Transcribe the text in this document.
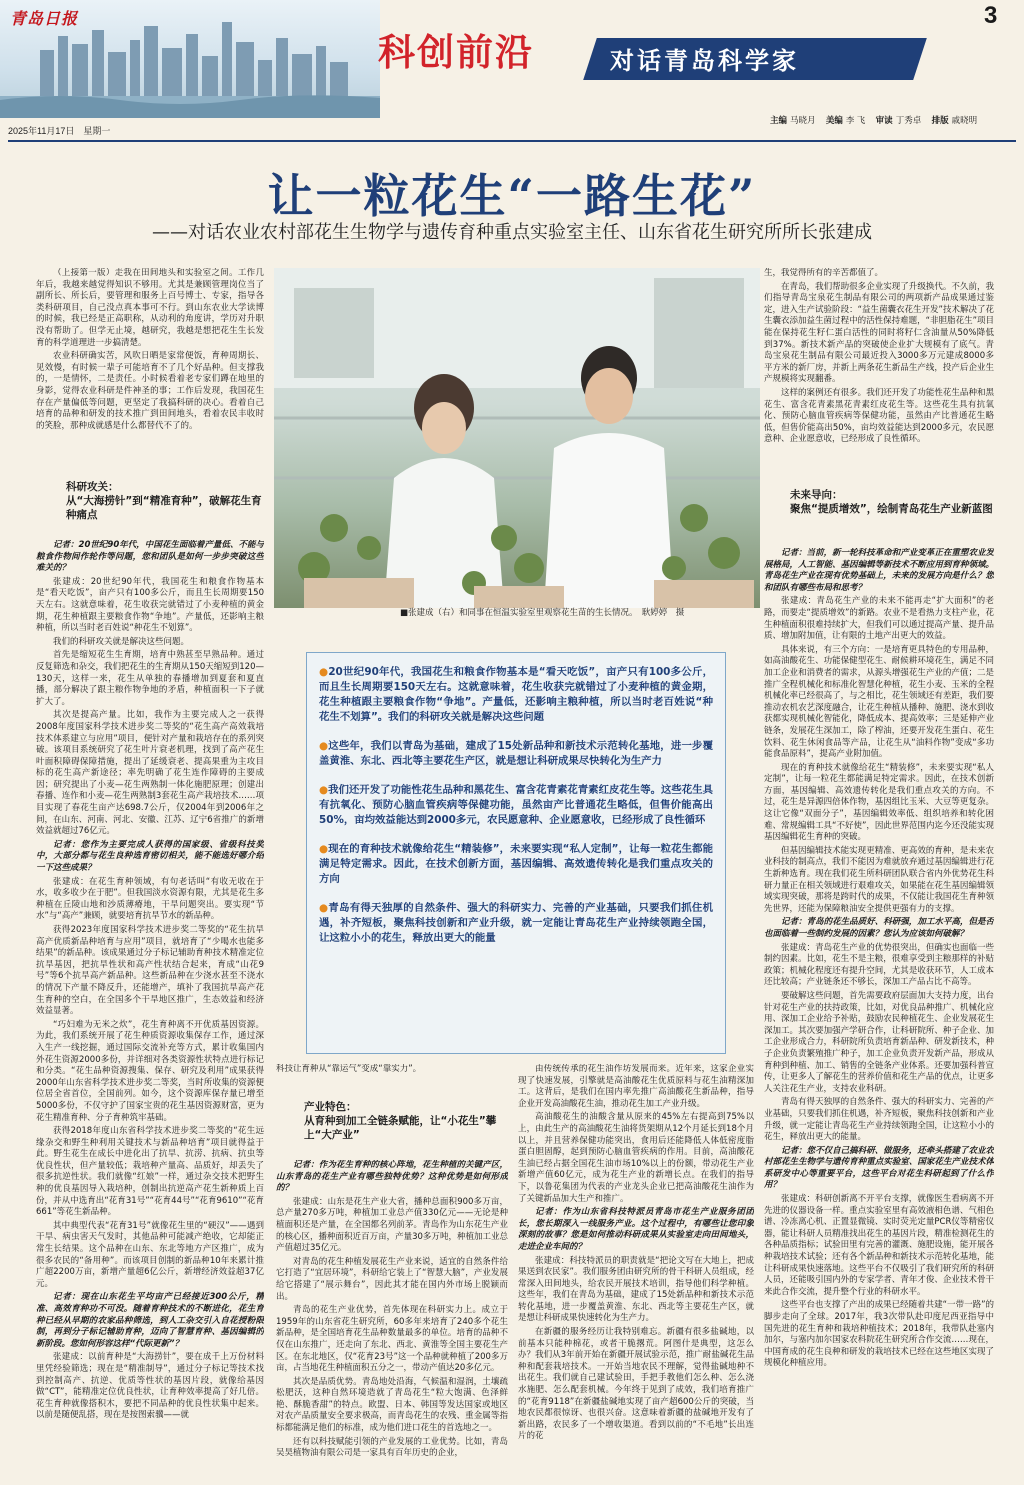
青岛日报
2025年11月17日　星期一
科创前沿	对话青岛科学家
3
主编 马晓月 美编 李 飞 审读 丁秀卓 排版 戚晓明
让一粒花生“一路生花”
——对话农业农村部花生生物学与遗传育种重点实验室主任、山东省花生研究所所长张建成

（上接第一版）走我在田间地头和实验室之间。工作几年后，我越来越觉得知识不够用。尤其是兼顾管理岗位当了副所长、所长后，要管理和服务上百号博士、专家，指导各类科研项目，自己没点真本事可不行。到山东农业大学读博的时候，我已经是正高职称，从动利的角度讲，学历对升职没有帮助了。但学无止境，越研究，我越是想把花生生长发育的科学道理进一步搞清楚。

农业科研确实苦，风吹日晒是家常便饭，育种周期长、见效慢，有时候一辈子可能培育不了几个好品种。但支撑我的，一是情怀，二是责任。小时候看着老专家们蹲在地里的身影，觉得农业科研是件神圣的事；工作后发现，我国花生存在产量偏低等问题，更坚定了我搞科研的决心。看着自己培育的品种和研发的技术推广到田间地头，看着农民丰收时的笑脸，那种成就感是什么都替代不了的。

科研攻关：
从“大海捞针”到“精准育种”，破解花生育种痛点

记者：20世纪90年代，中国花生面临着产量低、不能与粮食作物间作轮作等问题，您和团队是如何一步步突破这些难关的？

张建成：20世纪90年代，我国花生和粮食作物基本是“看天吃饭”，亩产只有100多公斤，而且生长周期要150天左右。这就意味着，花生收获完就错过了小麦种植的黄金期，花生种植跟主要粮食作物“争地”。产量低，还影响主粮种植，所以当时老百姓说“种花生不划算”。

我们的科研攻关就是解决这些问题。

首先是缩短花生生育期，培育中熟甚至早熟品种。通过反复筛选和杂交，我们把花生的生育期从150天缩短到120—130天，这样一来，花生从单独的春播增加到夏套和夏直播，部分解决了跟主粮作物争地的矛盾，种植面积一下子就扩大了。

其次是提高产量。比如，我作为主要完成人之一获得2008年度国家科学技术进步奖二等奖的“花生高产高效栽培技术体系建立与应用”项目，便针对产量和栽培存在的系列突破。该项目系统研究了花生叶片衰老机理，找到了高产花生叶面积障碍保障措施，提出了延缓衰老、提高果重为主攻目标的花生高产新途径；率先明确了花生连作障碍的主要成因；研究提出了小麦—花生两熟制一体化施肥原理；创建出春播、连作和小麦—花生两熟制3套花生高产栽培技术……项目实现了春花生亩产达698.7公斤，仅2004年到2006年之间，在山东、河南、河北、安徽、江苏、辽宁6省推广的新增效益就超过76亿元。

记者：您作为主要完成人获得的国家级、省级科技奖中，大部分都与花生良种选育密切相关，能不能选好哪介绍一下这些成果？

张建成：在花生育种领域，有句老话叫“有收无收在于水，收多收少在于肥”。但我国淡水资源有限，尤其是花生多种植在丘陵山地和沙质薄瘠地，干旱问题突出。要实现“节水”与“高产”兼顾，就要培育抗旱节水的新品种。

获得2023年度国家科学技术进步奖二等奖的“花生抗旱高产优质新品种培育与应用”项目，就培育了“少喝水也能多结果”的新品种。该成果通过分子标记辅助育种技术精准定位抗旱基因，把抗旱性状和高产性状结合起来，育成“山花9号”等6个抗旱高产新品种。这些新品种在少浇水甚至不浇水的情况下产量不降反升，还能增产，填补了我国抗旱高产花生育种的空白，在全国多个干旱地区推广，生态效益和经济效益显著。

“巧妇难为无米之炊”，花生育种离不开优质基因资源。为此，我们系统开展了花生种质资源收集保存工作，通过深入生产一线挖掘，通过国际交流补充等方式，累计收集国内外花生资源2000多份，并详细对各类资源性状特点进行标记和分类。“花生品种资源搜集、保存、研究及利用”成果获得2000年山东省科学技术进步奖二等奖，当时所收集的资源便位居全省首位，全国前列。如今，这个资源库保存量已增至5000多份，不仅守护了国家宝贵的花生基因资源财富，更为花生精准育种、分子育种筑牢基础。

获得2018年度山东省科学技术进步奖二等奖的“花生远缘杂交和野生种利用关键技术与新品种培育”项目就得益于此。野生花生在成长中进化出了抗旱、抗涝、抗病、抗虫等优良性状，但产量较低；栽培种产量高、品质好，却丢失了很多抗逆性状。我们就像“红娘”一样，通过杂交技术把野生种的优良基因导入栽培种，创制出抗逆高产花生新种质上百份，并从中选育出“花育31号”“花育44号”“花育9610”“花育661”等花生新品种。

其中典型代表“花育31号”就像花生里的“硬汉”——遇到干旱、病虫害天气发时，其他品种可能减产绝收，它却能正常生长结果。这个品种在山东、东北等地方产区推广，成为很多农民的“备用种”。而该项目创制的新品种10年来累计推广超2200万亩，新增产量超6亿公斤，新增经济效益超37亿元。

记者：现在山东花生平均亩产已经接近300公斤，精准、高效育种功不可没。随着育种技术的不断进化，花生育种已经从早期的农家品种筛选，到人工杂交引入自花授粉限制，再到分子标记辅助育种，迈向了智慧育种、基因编辑的新阶段。您如何形容这样“代际更新”？

张建成：以前育种是“大海捞针”，要在成千上万份材料里凭经验筛选；现在是“精准制导”，通过分子标记等技术找到控制高产、抗逆、优质等性状的基因片段，就像给基因做“CT”，能精准定位优良性状，让育种效率提高了好几倍。花生育种就像搭积木，要把不同品种的优良性状集中起来。以前是随便乱搭，现在是按图索骥——就

■张建成（右）和同事在恒温实验室里观察花生苗的生长情况。　耿婷婷　摄

●20世纪90年代，我国花生和粮食作物基本是“看天吃饭”，亩产只有100多公斤，而且生长周期要150天左右。这就意味着，花生收获完就错过了小麦种植的黄金期，花生种植跟主要粮食作物“争地”。产量低，还影响主粮种植，所以当时老百姓说“种花生不划算”。我们的科研攻关就是解决这些问题

●这些年，我们以青岛为基础，建成了15处新品种和新技术示范转化基地，进一步覆盖黄淮、东北、西北等主要花生产区，就是想让科研成果尽快转化为生产力

●我们还开发了功能性花生品种和黑花生、富含花青素花青素红皮花生等。这些花生具有抗氧化、预防心脑血管疾病等保健功能，虽然亩产比普通花生略低，但售价能高出50%，亩均效益能达到2000多元，农民愿意种、企业愿意收，已经形成了良性循环

●现在的育种技术就像给花生“精装修”，未来要实现“私人定制”，让每一粒花生都能满足特定需求。因此，在技术创新方面，基因编辑、高效遗传转化是我们重点攻关的方向

●青岛有得天独厚的自然条件、强大的科研实力、完善的产业基础，只要我们抓住机遇，补齐短板，聚焦科技创新和产业升级，就一定能让青岛花生产业持续领跑全国，让这粒小小的花生，释放出更大的能量

科技让育种从“靠运气”变成“靠实力”。

产业特色：
从育种到加工全链条赋能，让“小花生”攀上“大产业”

记者：作为花生育种的核心阵地，花生种植的关键产区，山东青岛的花生产业有哪些独特优势？这种优势是如何形成的？

张建成：山东是花生产业大省，播种总面积900多万亩，总产量270多万吨，种植加工业总产值330亿元——无论是种植面积还是产量，在全国都名列前茅。青岛作为山东花生产业的核心区，播种面积近百万亩，产量30多万吨，种植加工业总产值超过35亿元。

对青岛的花生种植发展花生产业来说，适宜的自然条件给它打造了“宜居环境”，科研给它装上了“智慧大脑”，产业发展给它搭建了“展示舞台”，因此其才能在国内外市场上脱颖而出。

青岛的花生产业优势，首先体现在科研实力上。成立于1959年的山东省花生研究所，60多年来培育了240多个花生新品种，是全国培育花生品种数量最多的单位。培育的品种不仅在山东推广，还走向了东北、西北、黄淮等全国主要花生产区。在东北地区，仅“花育23号”这一个品种就种植了200多万亩，占当地花生种植面积五分之一，带动产值达20多亿元。

其次是品质优势。青岛地处沿海，气候温和湿润，土壤疏松肥沃，这种自然环境造就了青岛花生“粒大饱满、色泽鲜艳、酥脆香甜”的特点。欧盟、日本、韩国等发达国家或地区对农产品质量安全要求极高，而青岛花生的农残、重金属等指标都能满足他们的标准，成为他们进口花生的首选地之一。

还有以科技赋能引领的产业发展的工业优势。比如，青岛吴昊植物油有限公司是一家具有百年历史的企业，

由传统传承的花生油作坊发展而来。近年来，这家企业实现了快速发展，引擎就是高油酸花生优质原料与花生油精深加工。这背后，是我们在国内率先推广高油酸花生新品种，指导企业开发高油酸花生油，推动花生加工产业升级。

高油酸花生的油酸含量从原来的45%左右提高到75%以上，由此生产的高油酸花生油将货架期从12个月延长到18个月以上，并且营养保健功能突出，食用后还能降低人体低密度脂蛋白胆固醇，起到预防心脑血管疾病的作用。目前，高油酸花生油已经占据全国花生油市场10%以上的份额，带动花生产业新增产值60亿元，成为花生产业的新增长点。在我们的指导下，以鲁花集团为代表的产业龙头企业已把高油酸花生油作为了关键新品加大生产和推广。

记者：作为山东省科技特派员青岛市花生产业服务团团长，您长期深入一线服务产业。这个过程中，有哪些让您印象深刻的故事？您是如何推动科研成果从实验室走向田间地头，走进企业车间的？

张建成：科技特派员的职责就是“把论文写在大地上，把成果送到农民家”。我们服务团由研究所的骨干科研人员组成，经常深入田间地头，给农民开展技术培训，指导他们科学种植。这些年，我们在青岛为基础，建成了15处新品种和新技术示范转化基地，进一步覆盖黄淮、东北、西北等主要花生产区，就是想让科研成果快速转化为生产力。

在新疆的服务经历让我特别难忘。新疆有很多盐碱地，以前基本只能种棉花，或者干脆撂荒。阿图什是典型，这怎么办？我们从3年前开始在新疆开展试验示范，推广耐盐碱花生品种和配套栽培技术。一开始当地农民不理解，觉得盐碱地种不出花生。我们就自己建试验田，手把手教他们怎么种、怎么浇水施肥、怎么配套机械。今年终于见到了成效，我们培育推广的“花育9118”在新疆盐碱地实现了亩产超600公斤的突破，当地农民都很惊讶、也很兴奋。这意味着新疆的盐碱地开发有了新出路，农民多了一个增收渠道。看到以前的“不毛地”长出连片的花

生，我觉得所有的辛苦都值了。

在青岛，我们帮助很多企业实现了升级换代。不久前，我们指导青岛宝泉花生制品有限公司的两项新产品成果通过鉴定，进入生产试验阶段：“益生菌囊衣花生开发”技术解决了花生囊衣添加益生菌过程中的活性保持难题，“非胆脂花生”项目能在保持花生籽仁蛋白活性的同时将籽仁含油量从50%降低到37%。新技术新产品的突破使企业扩大规模有了底气。青岛宝泉花生制品有限公司最近投入3000多万元建成8000多平方米的新厂房，并新上两条花生新品生产线，投产后企业生产规模将实现翻番。

这样的案例还有很多。我们还开发了功能性花生品种和黑花生、富含花青素黑花青素红皮花生等。这些花生具有抗氧化、预防心脑血管疾病等保健功能，虽然由产比普通花生略低，但售价能高出50%，亩均效益能达到2000多元，农民愿意种、企业愿意收，已经形成了良性循环。

未来导向：
聚焦“提质增效”，绘制青岛花生产业新蓝图

记者：当前，新一轮科技革命和产业变革正在重塑农业发展格局，人工智能、基因编辑等新技术不断应用到育种领域。青岛花生产业在现有优势基础上，未来的发展方向是什么？您和团队有哪些布局和思考？

张建成：青岛花生产业的未来不能再走“扩大面积”的老路，而要走“提质增效”的新路。农业不是看热力支柱产业，花生种植面积很难持续扩大，但我们可以通过提高产量、提升品质、增加附加值，让有限的土地产出更大的效益。

具体来说，有三个方向：一是培育更具特色的专用品种，如高油酸花生、功能保健型花生、耐候耕环境花生，满足不同加工企业和消费者的需求，从源头增强花生产业的产值；二是推广全程机械化和标准化智慧化种植，花生小麦、玉米的全程机械化率已经很高了，与之相比，花生领域还有差距，我们要推动农机农艺深度融合，让花生种植从播种、施肥、浇水到收获都实现机械化智能化，降低成本、提高效率；三是延伸产业链条，发展花生深加工，除了榨油，还要开发花生蛋白、花生饮料、花生休闲食品等产品，让花生从“油料作物”变成“多功能食品原料”，提高产业附加值。

现在的育种技术就像给花生“精装修”，未来要实现“私人定制”，让每一粒花生都能满足特定需求。因此，在技术创新方面，基因编辑、高效遗传转化是我们重点攻关的方向。不过，花生是异源四倍体作物，基因组比玉米、大豆等更复杂。这让它像“双面分子”，基因编辑效率低、组织培养和转化困难、常规编辑工具“不好使”，因此世界范围内迄今还没能实现基因编辑花生育种的突破。

但基因编辑技术能实现更精准、更高效的育种，是未来农业科技的制高点，我们不能因为难就放弃通过基因编辑进行花生新种选育。现在我们花生所科研团队联合省内外优势花生科研力量正在相关领域进行艰难攻关，如果能在花生基因编辑领域实现突破，那将是跨时代的成果，不仅能让我国花生育种领先世界，还能为保障粮油安全提供更强有力的支撑。

记者：青岛的花生品质好、科研强，加工水平高，但是否也面临着一些制约发展的因素？您认为应该如何破解？

张建成：青岛花生产业的优势很突出，但确实也面临一些制约因素。比如，花生不是主粮，很难享受到主粮那样的补贴政策；机械化程度还有提升空间，尤其是收获环节，人工成本还比较高；产业链条还不够长，深加工产品占比不高等。

要破解这些问题，首先需要政府层面加大支持力度，出台针对花生产业的扶持政策，比如，对优良品种推广、机械化应用、深加工企业给予补贴，鼓励农民种植花生、企业发展花生深加工。其次要加强产学研合作，让科研院所、种子企业、加工企业形成合力，科研院所负责培育新品种、研发新技术，种子企业负责繁殖推广种子，加工企业负责开发新产品，形成从育种到种植、加工、销售的全链条产业体系。还要加强科普宣传，让更多人了解花生的营养价值和花生产品的优点，让更多人关注花生产业，支持农业科研。

青岛有得天独厚的自然条件、强大的科研实力、完善的产业基础，只要我们抓住机遇，补齐短板，聚焦科技创新和产业升级，就一定能让青岛花生产业持续领跑全国，让这粒小小的花生，释放出更大的能量。

记者：您不仅自己搞科研、做服务，还牵头搭建了农业农村部花生生物学与遗传育种重点实验室、国家花生产业技术体系研发中心等重要平台，这些平台对花生科研起到了什么作用？

张建成：科研创新离不开平台支撑，就像医生看病离不开先进的仪器设备一样。重点实验室里有高效液相色谱、气相色谱、冷冻离心机、正置显微镜、实时荧光定量PCR仪等精密仪器，能让科研人员精准找出花生的基因片段，精准检测花生的各种品质指标；试验田里有完善的灌溉、施肥设施，能开展各种栽培技术试验；还有各个新品种和新技术示范转化基地，能让科研成果快速落地。这些平台不仅吸引了我们研究所的科研人员，还能吸引国内外的专家学者、青年才俊、企业技术骨干来此合作交流，提升整个行业的科研水平。

这些平台也支撑了产出的成果已经随着共建“一带一路”的脚步走向了全球。2017年，我3次带队赴印度尼西亚指导中国先进的花生育种和栽培种植技术；2018年，我带队赴塞内加尔，与塞内加尔国家农科院花生研究所合作交流……现在，中国育成的花生良种和研发的栽培技术已经在这些地区实现了规模化种植应用。
